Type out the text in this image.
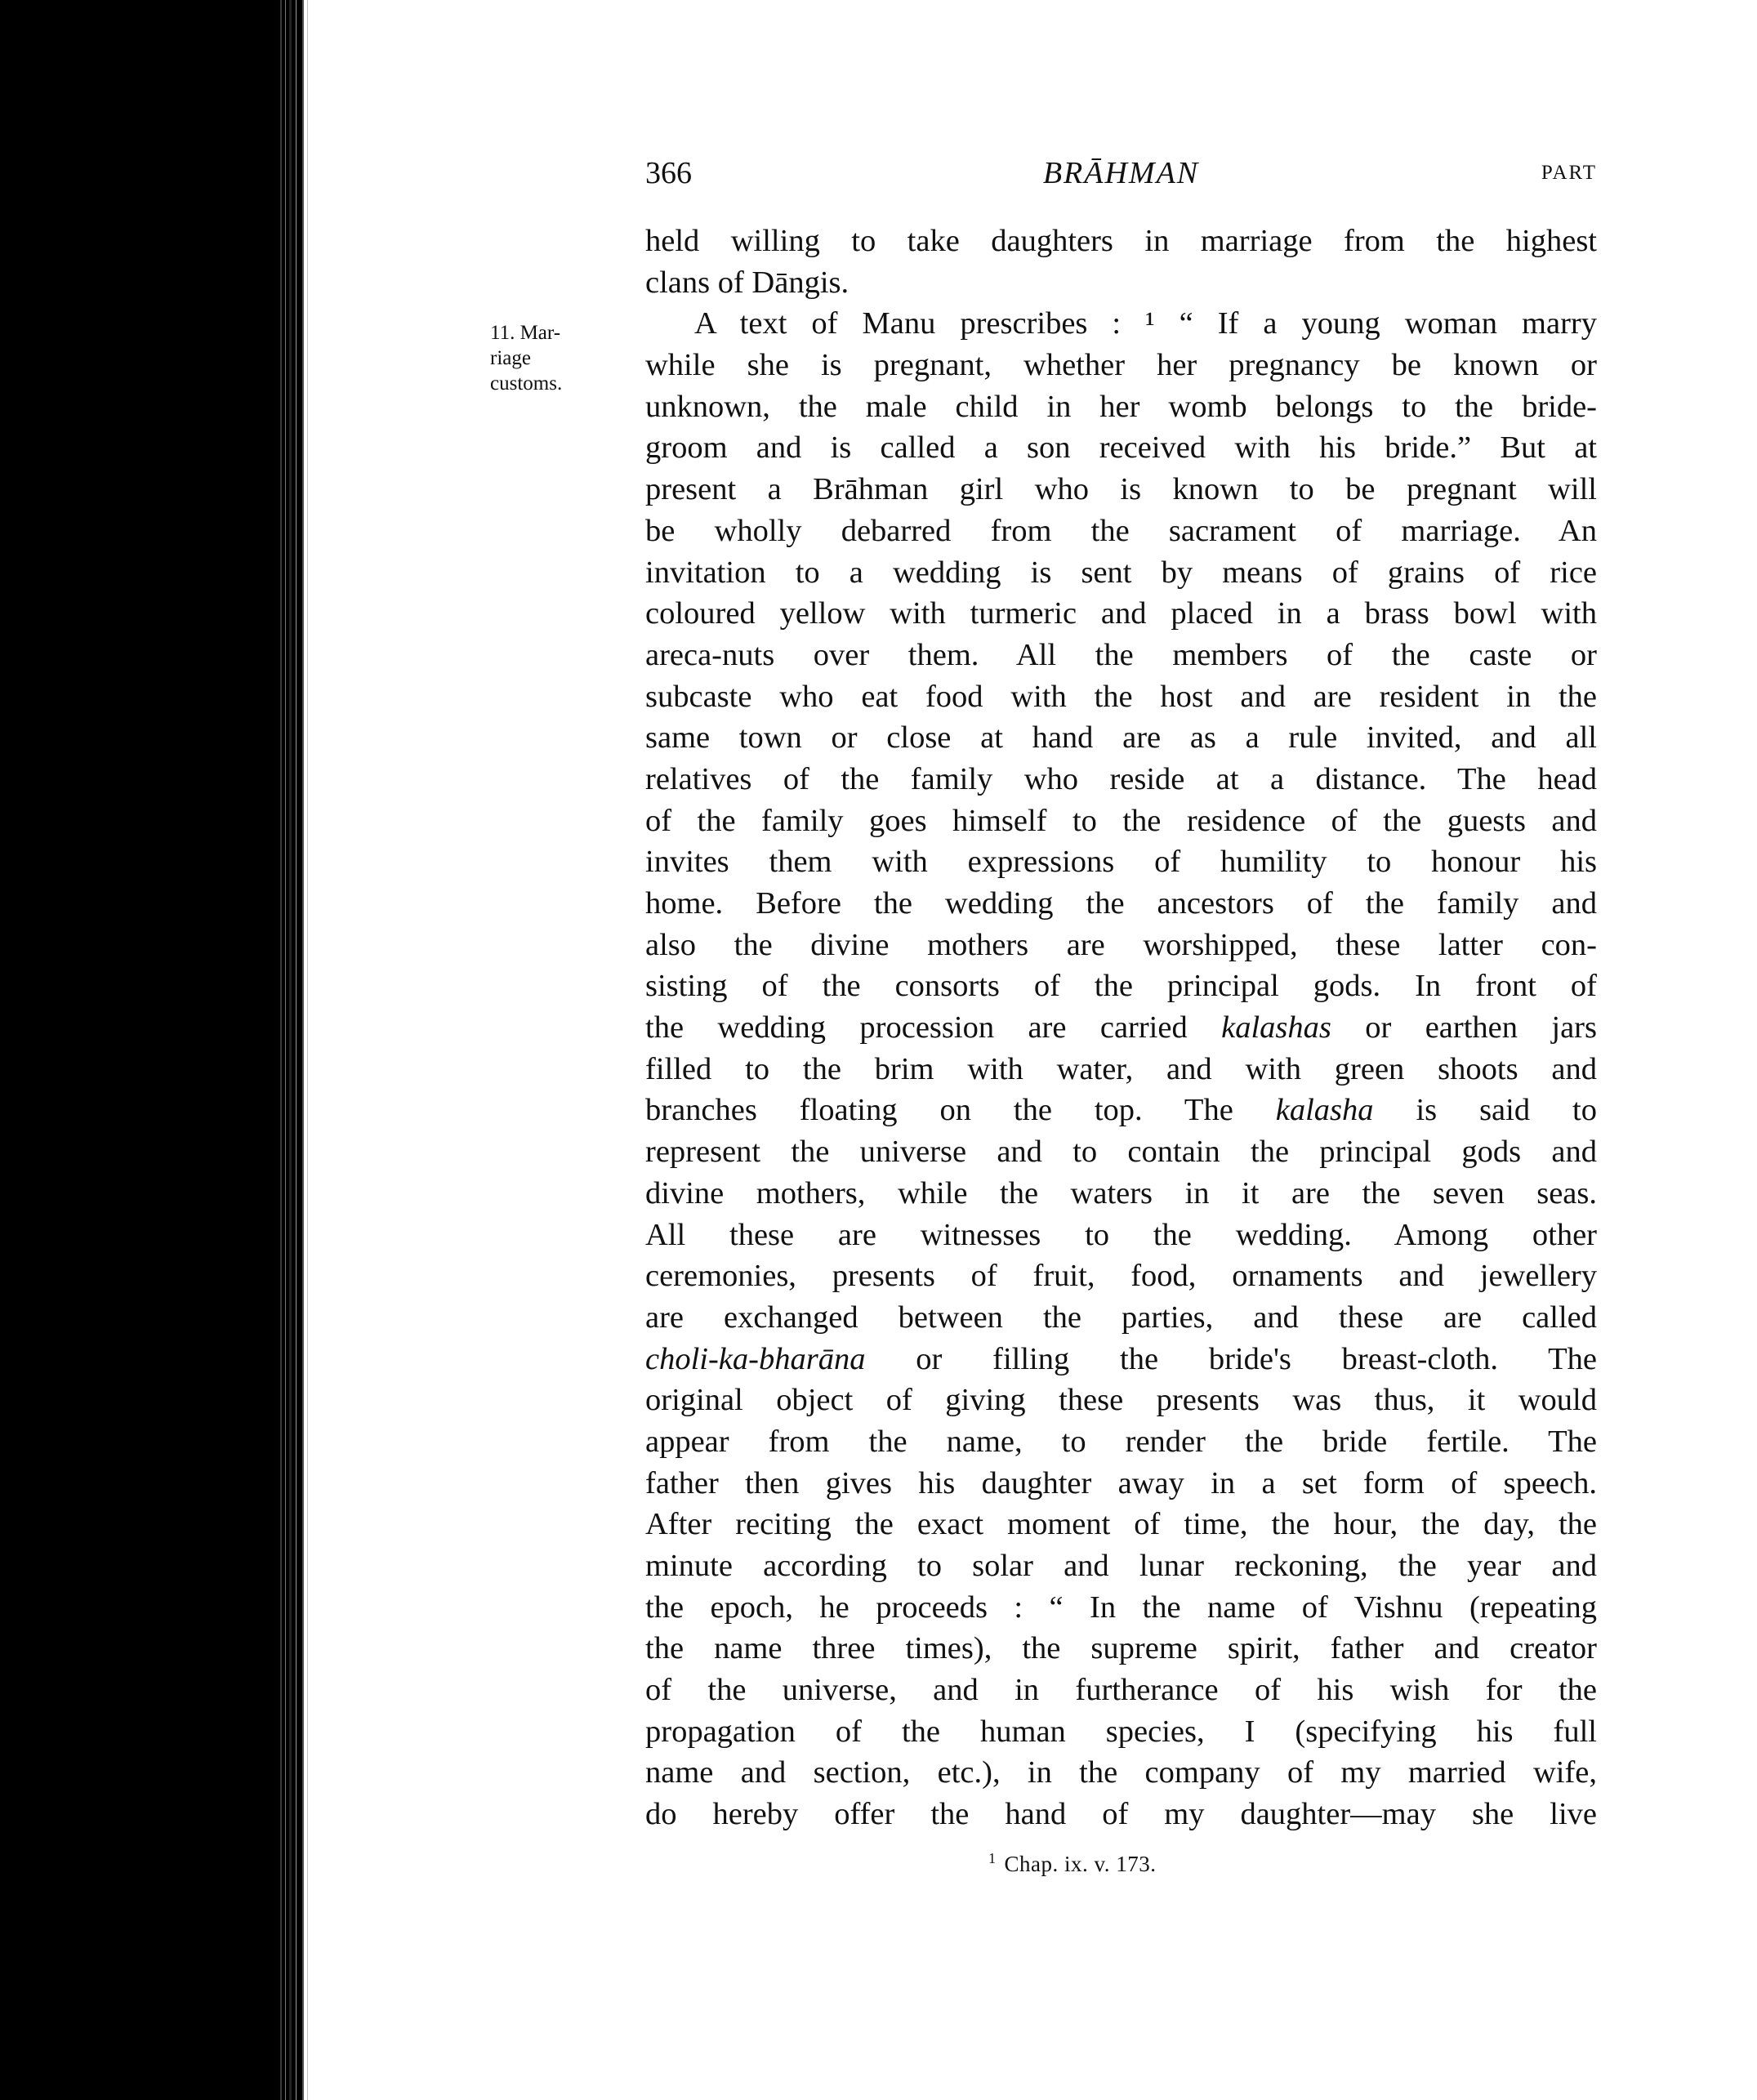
366	BRĀHMAN	PART
11. Mar-
riage
customs.
held willing to take daughters in marriage from the highest
clans of Dāngis.
A text of Manu prescribes : ¹ “ If a young woman marry
while she is pregnant, whether her pregnancy be known or
unknown, the male child in her womb belongs to the bride-
groom and is called a son received with his bride.” But at
present a Brāhman girl who is known to be pregnant will
be wholly debarred from the sacrament of marriage. An
invitation to a wedding is sent by means of grains of rice
coloured yellow with turmeric and placed in a brass bowl with
areca-nuts over them. All the members of the caste or
subcaste who eat food with the host and are resident in the
same town or close at hand are as a rule invited, and all
relatives of the family who reside at a distance. The head
of the family goes himself to the residence of the guests and
invites them with expressions of humility to honour his
home. Before the wedding the ancestors of the family and
also the divine mothers are worshipped, these latter con-
sisting of the consorts of the principal gods. In front of
the wedding procession are carried kalashas or earthen jars
filled to the brim with water, and with green shoots and
branches floating on the top. The kalasha is said to
represent the universe and to contain the principal gods and
divine mothers, while the waters in it are the seven seas.
All these are witnesses to the wedding. Among other
ceremonies, presents of fruit, food, ornaments and jewellery
are exchanged between the parties, and these are called
choli-ka-bharāna or filling the bride's breast-cloth. The
original object of giving these presents was thus, it would
appear from the name, to render the bride fertile. The
father then gives his daughter away in a set form of speech.
After reciting the exact moment of time, the hour, the day, the
minute according to solar and lunar reckoning, the year and
the epoch, he proceeds : “ In the name of Vishnu (repeating
the name three times), the supreme spirit, father and creator
of the universe, and in furtherance of his wish for the
propagation of the human species, I (specifying his full
name and section, etc.), in the company of my married wife,
do hereby offer the hand of my daughter—may she live
$^1$ Chap. ix. v. 173.
